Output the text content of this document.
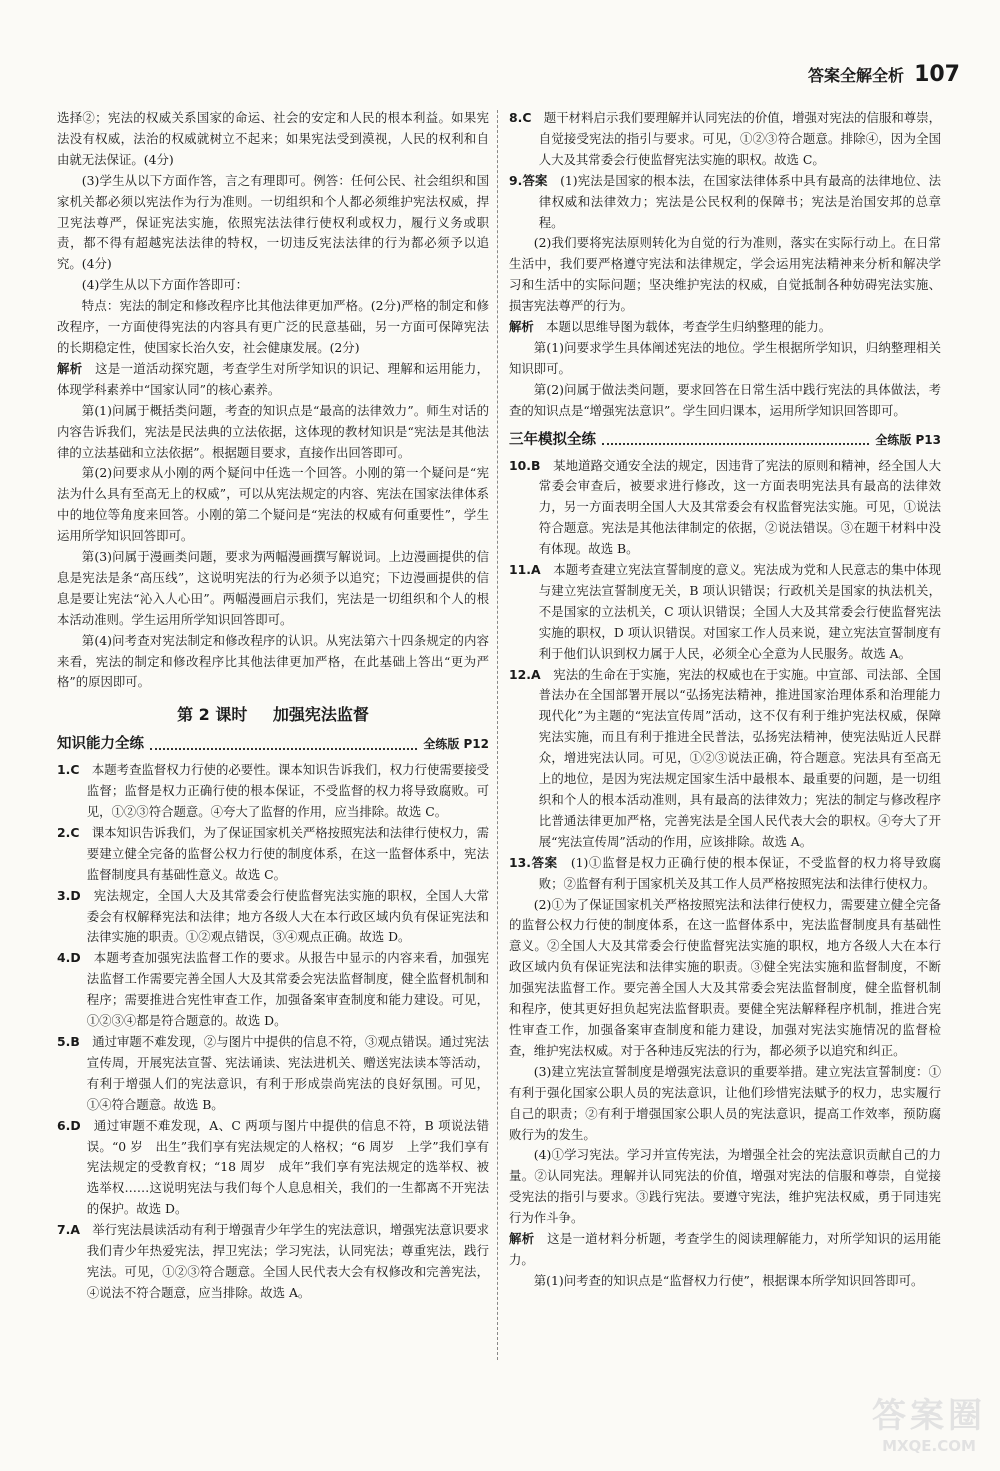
答案全解全析 107

选择②；宪法的权威关系国家的命运、社会的安定和人民的根本利益。如果宪法没有权威，法治的权威就树立不起来；如果宪法受到漠视，人民的权利和自由就无法保证。(4分)

(3)学生从以下方面作答，言之有理即可。例答：任何公民、社会组织和国家机关都必须以宪法作为行为准则。一切组织和个人都必须维护宪法权威，捍卫宪法尊严，保证宪法实施，依照宪法法律行使权利或权力，履行义务或职责，都不得有超越宪法法律的特权，一切违反宪法法律的行为都必须予以追究。(4分)

(4)学生从以下方面作答即可：

特点：宪法的制定和修改程序比其他法律更加严格。(2分)严格的制定和修改程序，一方面使得宪法的内容具有更广泛的民意基础，另一方面可保障宪法的长期稳定性，使国家长治久安，社会健康发展。(2分)

解析　 这是一道活动探究题，考查学生对所学知识的识记、理解和运用能力，体现学科素养中“国家认同”的核心素养。

第(1)问属于概括类问题，考查的知识点是“最高的法律效力”。师生对话的内容告诉我们，宪法是民法典的立法依据，这体现的教材知识是“宪法是其他法律的立法基础和立法依据”。根据题目要求，直接作出回答即可。

第(2)问要求从小刚的两个疑问中任选一个回答。小刚的第一个疑问是“宪法为什么具有至高无上的权威”，可以从宪法规定的内容、宪法在国家法律体系中的地位等角度来回答。小刚的第二个疑问是“宪法的权威有何重要性”，学生运用所学知识回答即可。

第(3)问属于漫画类问题，要求为两幅漫画撰写解说词。上边漫画提供的信息是宪法是条“高压线”，这说明宪法的行为必须予以追究；下边漫画提供的信息是要让宪法“沁入人心田”。两幅漫画启示我们，宪法是一切组织和个人的根本活动准则。学生运用所学知识回答即可。

第(4)问考查对宪法制定和修改程序的认识。从宪法第六十四条规定的内容来看，宪法的制定和修改程序比其他法律更加严格，在此基础上答出“更为严格”的原因即可。

第 2 课时 加强宪法监督
知识能力全练	全练版 P12

1.C　 本题考查监督权力行使的必要性。课本知识告诉我们，权力行使需要接受监督；监督是权力正确行使的根本保证，不受监督的权力将导致腐败。可见，①②③符合题意。④夸大了监督的作用，应当排除。故选 C。

2.C　 课本知识告诉我们，为了保证国家机关严格按照宪法和法律行使权力，需要建立健全完备的监督公权力行使的制度体系，在这一监督体系中，宪法监督制度具有基础性意义。故选 C。

3.D　 宪法规定，全国人大及其常委会行使监督宪法实施的职权，全国人大常委会有权解释宪法和法律；地方各级人大在本行政区域内负有保证宪法和法律实施的职责。①②观点错误，③④观点正确。故选 D。

4.D　 本题考查加强宪法监督工作的要求。从报告中显示的内容来看，加强宪法监督工作需要完善全国人大及其常委会宪法监督制度，健全监督机制和程序；需要推进合宪性审查工作，加强备案审查制度和能力建设。可见，①②③④都是符合题意的。故选 D。

5.B　 通过审题不难发现，②与图片中提供的信息不符，③观点错误。通过宪法宣传周，开展宪法宣誓、宪法诵读、宪法进机关、赠送宪法读本等活动，有利于增强人们的宪法意识，有利于形成崇尚宪法的良好氛围。可见，①④符合题意。故选 B。

6.D　 通过审题不难发现，A、C 两项与图片中提供的信息不符，B 项说法错误。“0 岁　出生”我们享有宪法规定的人格权；“6 周岁　上学”我们享有宪法规定的受教育权；“18 周岁　成年”我们享有宪法规定的选举权、被选举权……这说明宪法与我们每个人息息相关，我们的一生都离不开宪法的保护。故选 D。

7.A　 举行宪法晨读活动有利于增强青少年学生的宪法意识，增强宪法意识要求我们青少年热爱宪法，捍卫宪法；学习宪法，认同宪法；尊重宪法，践行宪法。可见，①②③符合题意。全国人民代表大会有权修改和完善宪法，④说法不符合题意，应当排除。故选 A。

8.C　 题干材料启示我们要理解并认同宪法的价值，增强对宪法的信服和尊崇，自觉接受宪法的指引与要求。可见，①②③符合题意。排除④，因为全国人大及其常委会行使监督宪法实施的职权。故选 C。

9.答案　 (1)宪法是国家的根本法，在国家法律体系中具有最高的法律地位、法律权威和法律效力；宪法是公民权利的保障书；宪法是治国安邦的总章程。

(2)我们要将宪法原则转化为自觉的行为准则，落实在实际行动上。在日常生活中，我们要严格遵守宪法和法律规定，学会运用宪法精神来分析和解决学习和生活中的实际问题；坚决维护宪法的权威，自觉抵制各种妨碍宪法实施、损害宪法尊严的行为。

解析　 本题以思维导图为载体，考查学生归纳整理的能力。

第(1)问要求学生具体阐述宪法的地位。学生根据所学知识，归纳整理相关知识即可。

第(2)问属于做法类问题，要求回答在日常生活中践行宪法的具体做法，考查的知识点是“增强宪法意识”。学生回归课本，运用所学知识回答即可。

三年模拟全练	全练版 P13

10.B　 某地道路交通安全法的规定，因违背了宪法的原则和精神，经全国人大常委会审查后，被要求进行修改，这一方面表明宪法具有最高的法律效力，另一方面表明全国人大及其常委会有权监督宪法实施。可见，①说法符合题意。宪法是其他法律制定的依据，②说法错误。③在题干材料中没有体现。故选 B。

11.A　 本题考查建立宪法宣誓制度的意义。宪法成为党和人民意志的集中体现与建立宪法宣誓制度无关，B 项认识错误；行政机关是国家的执法机关，不是国家的立法机关，C 项认识错误；全国人大及其常委会行使监督宪法实施的职权，D 项认识错误。对国家工作人员来说，建立宪法宣誓制度有利于他们认识到权力属于人民，必须全心全意为人民服务。故选 A。

12.A　 宪法的生命在于实施，宪法的权威也在于实施。中宣部、司法部、全国普法办在全国部署开展以“弘扬宪法精神，推进国家治理体系和治理能力现代化”为主题的“宪法宣传周”活动，这不仅有利于维护宪法权威，保障宪法实施，而且有利于推进全民普法，弘扬宪法精神，使宪法贴近人民群众，增进宪法认同。可见，①②③说法正确，符合题意。宪法具有至高无上的地位，是因为宪法规定国家生活中最根本、最重要的问题，是一切组织和个人的根本活动准则，具有最高的法律效力；宪法的制定与修改程序比普通法律更加严格，完善宪法是全国人民代表大会的职权。④夸大了开展“宪法宣传周”活动的作用，应该排除。故选 A。

13.答案　 (1)①监督是权力正确行使的根本保证，不受监督的权力将导致腐败；②监督有利于国家机关及其工作人员严格按照宪法和法律行使权力。

(2)①为了保证国家机关严格按照宪法和法律行使权力，需要建立健全完备的监督公权力行使的制度体系，在这一监督体系中，宪法监督制度具有基础性意义。②全国人大及其常委会行使监督宪法实施的职权，地方各级人大在本行政区域内负有保证宪法和法律实施的职责。③健全宪法实施和监督制度，不断加强宪法监督工作。要完善全国人大及其常委会宪法监督制度，健全监督机制和程序，使其更好担负起宪法监督职责。要健全宪法解释程序机制，推进合宪性审查工作，加强备案审查制度和能力建设，加强对宪法实施情况的监督检查，维护宪法权威。对于各种违反宪法的行为，都必须予以追究和纠正。

(3)建立宪法宣誓制度是增强宪法意识的重要举措。建立宪法宣誓制度：①有利于强化国家公职人员的宪法意识，让他们珍惜宪法赋予的权力，忠实履行自己的职责；②有利于增强国家公职人员的宪法意识，提高工作效率，预防腐败行为的发生。

(4)①学习宪法。学习并宣传宪法，为增强全社会的宪法意识贡献自己的力量。②认同宪法。理解并认同宪法的价值，增强对宪法的信服和尊崇，自觉接受宪法的指引与要求。③践行宪法。要遵守宪法，维护宪法权威，勇于同违宪行为作斗争。

解析　 这是一道材料分析题，考查学生的阅读理解能力，对所学知识的运用能力。

第(1)问考查的知识点是“监督权力行使”，根据课本所学知识回答即可。

答案圈
MXQE.COM
